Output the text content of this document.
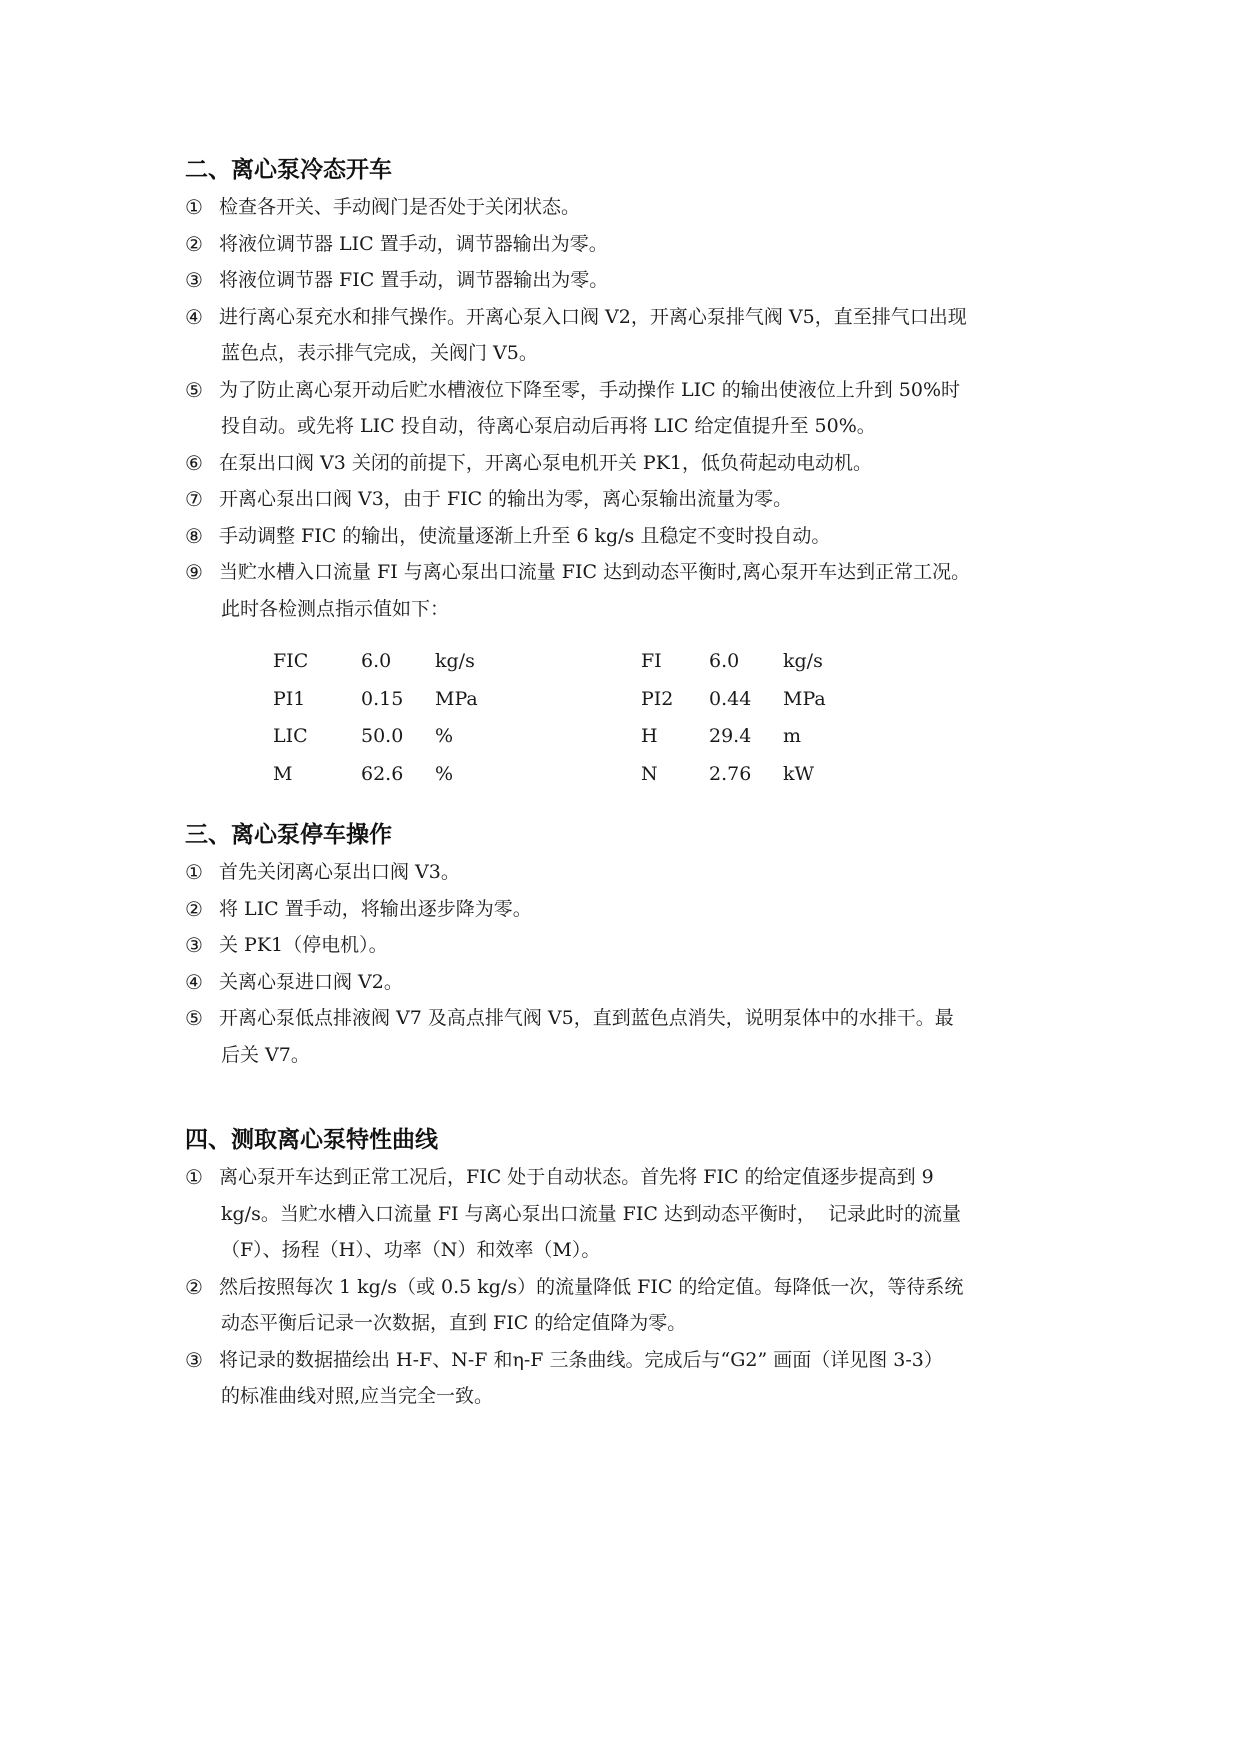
二、离心泵冷态开车
① 检查各开关、手动阀门是否处于关闭状态。
② 将液位调节器 LIC 置手动，调节器输出为零。
③ 将液位调节器 FIC 置手动，调节器输出为零。
④ 进行离心泵充水和排气操作。开离心泵入口阀 V2，开离心泵排气阀 V5，直至排气口出现
蓝色点，表示排气完成，关阀门 V5。
⑤ 为了防止离心泵开动后贮水槽液位下降至零，手动操作 LIC 的输出使液位上升到 50%时
投自动。或先将 LIC 投自动，待离心泵启动后再将 LIC 给定值提升至 50%。
⑥ 在泵出口阀 V3 关闭的前提下，开离心泵电机开关 PK1，低负荷起动电动机。
⑦ 开离心泵出口阀 V3，由于 FIC 的输出为零，离心泵输出流量为零。
⑧ 手动调整 FIC 的输出，使流量逐渐上升至 6 kg/s 且稳定不变时投自动。
⑨ 当贮水槽入口流量 FI 与离心泵出口流量 FIC 达到动态平衡时,离心泵开车达到正常工况。
此时各检测点指示值如下：
FIC	6.0 kg/s	FI 6.0 kg/s
PI1	0.15 MPa	PI2 0.44 MPa
LIC	50.0 %	H	29.4 m
M	62.6 %	N	2.76 kW
三、离心泵停车操作
① 首先关闭离心泵出口阀 V3。
② 将 LIC 置手动，将输出逐步降为零。
③ 关 PK1（停电机）。
④ 关离心泵进口阀 V2。
⑤ 开离心泵低点排液阀 V7 及高点排气阀 V5，直到蓝色点消失，说明泵体中的水排干。最
后关 V7。
四、测取离心泵特性曲线
① 离心泵开车达到正常工况后，FIC 处于自动状态。首先将 FIC 的给定值逐步提高到 9
kg/s。当贮水槽入口流量 FI 与离心泵出口流量 FIC 达到动态平衡时，  记录此时的流量
（F）、扬程（H）、功率（N）和效率（M）。
② 然后按照每次 1 kg/s（或 0.5 kg/s）的流量降低 FIC 的给定值。每降低一次，等待系统
动态平衡后记录一次数据，直到 FIC 的给定值降为零。
③ 将记录的数据描绘出 H-F、N-F 和η-F 三条曲线。完成后与“G2” 画面（详见图 3-3）
的标准曲线对照,应当完全一致。
